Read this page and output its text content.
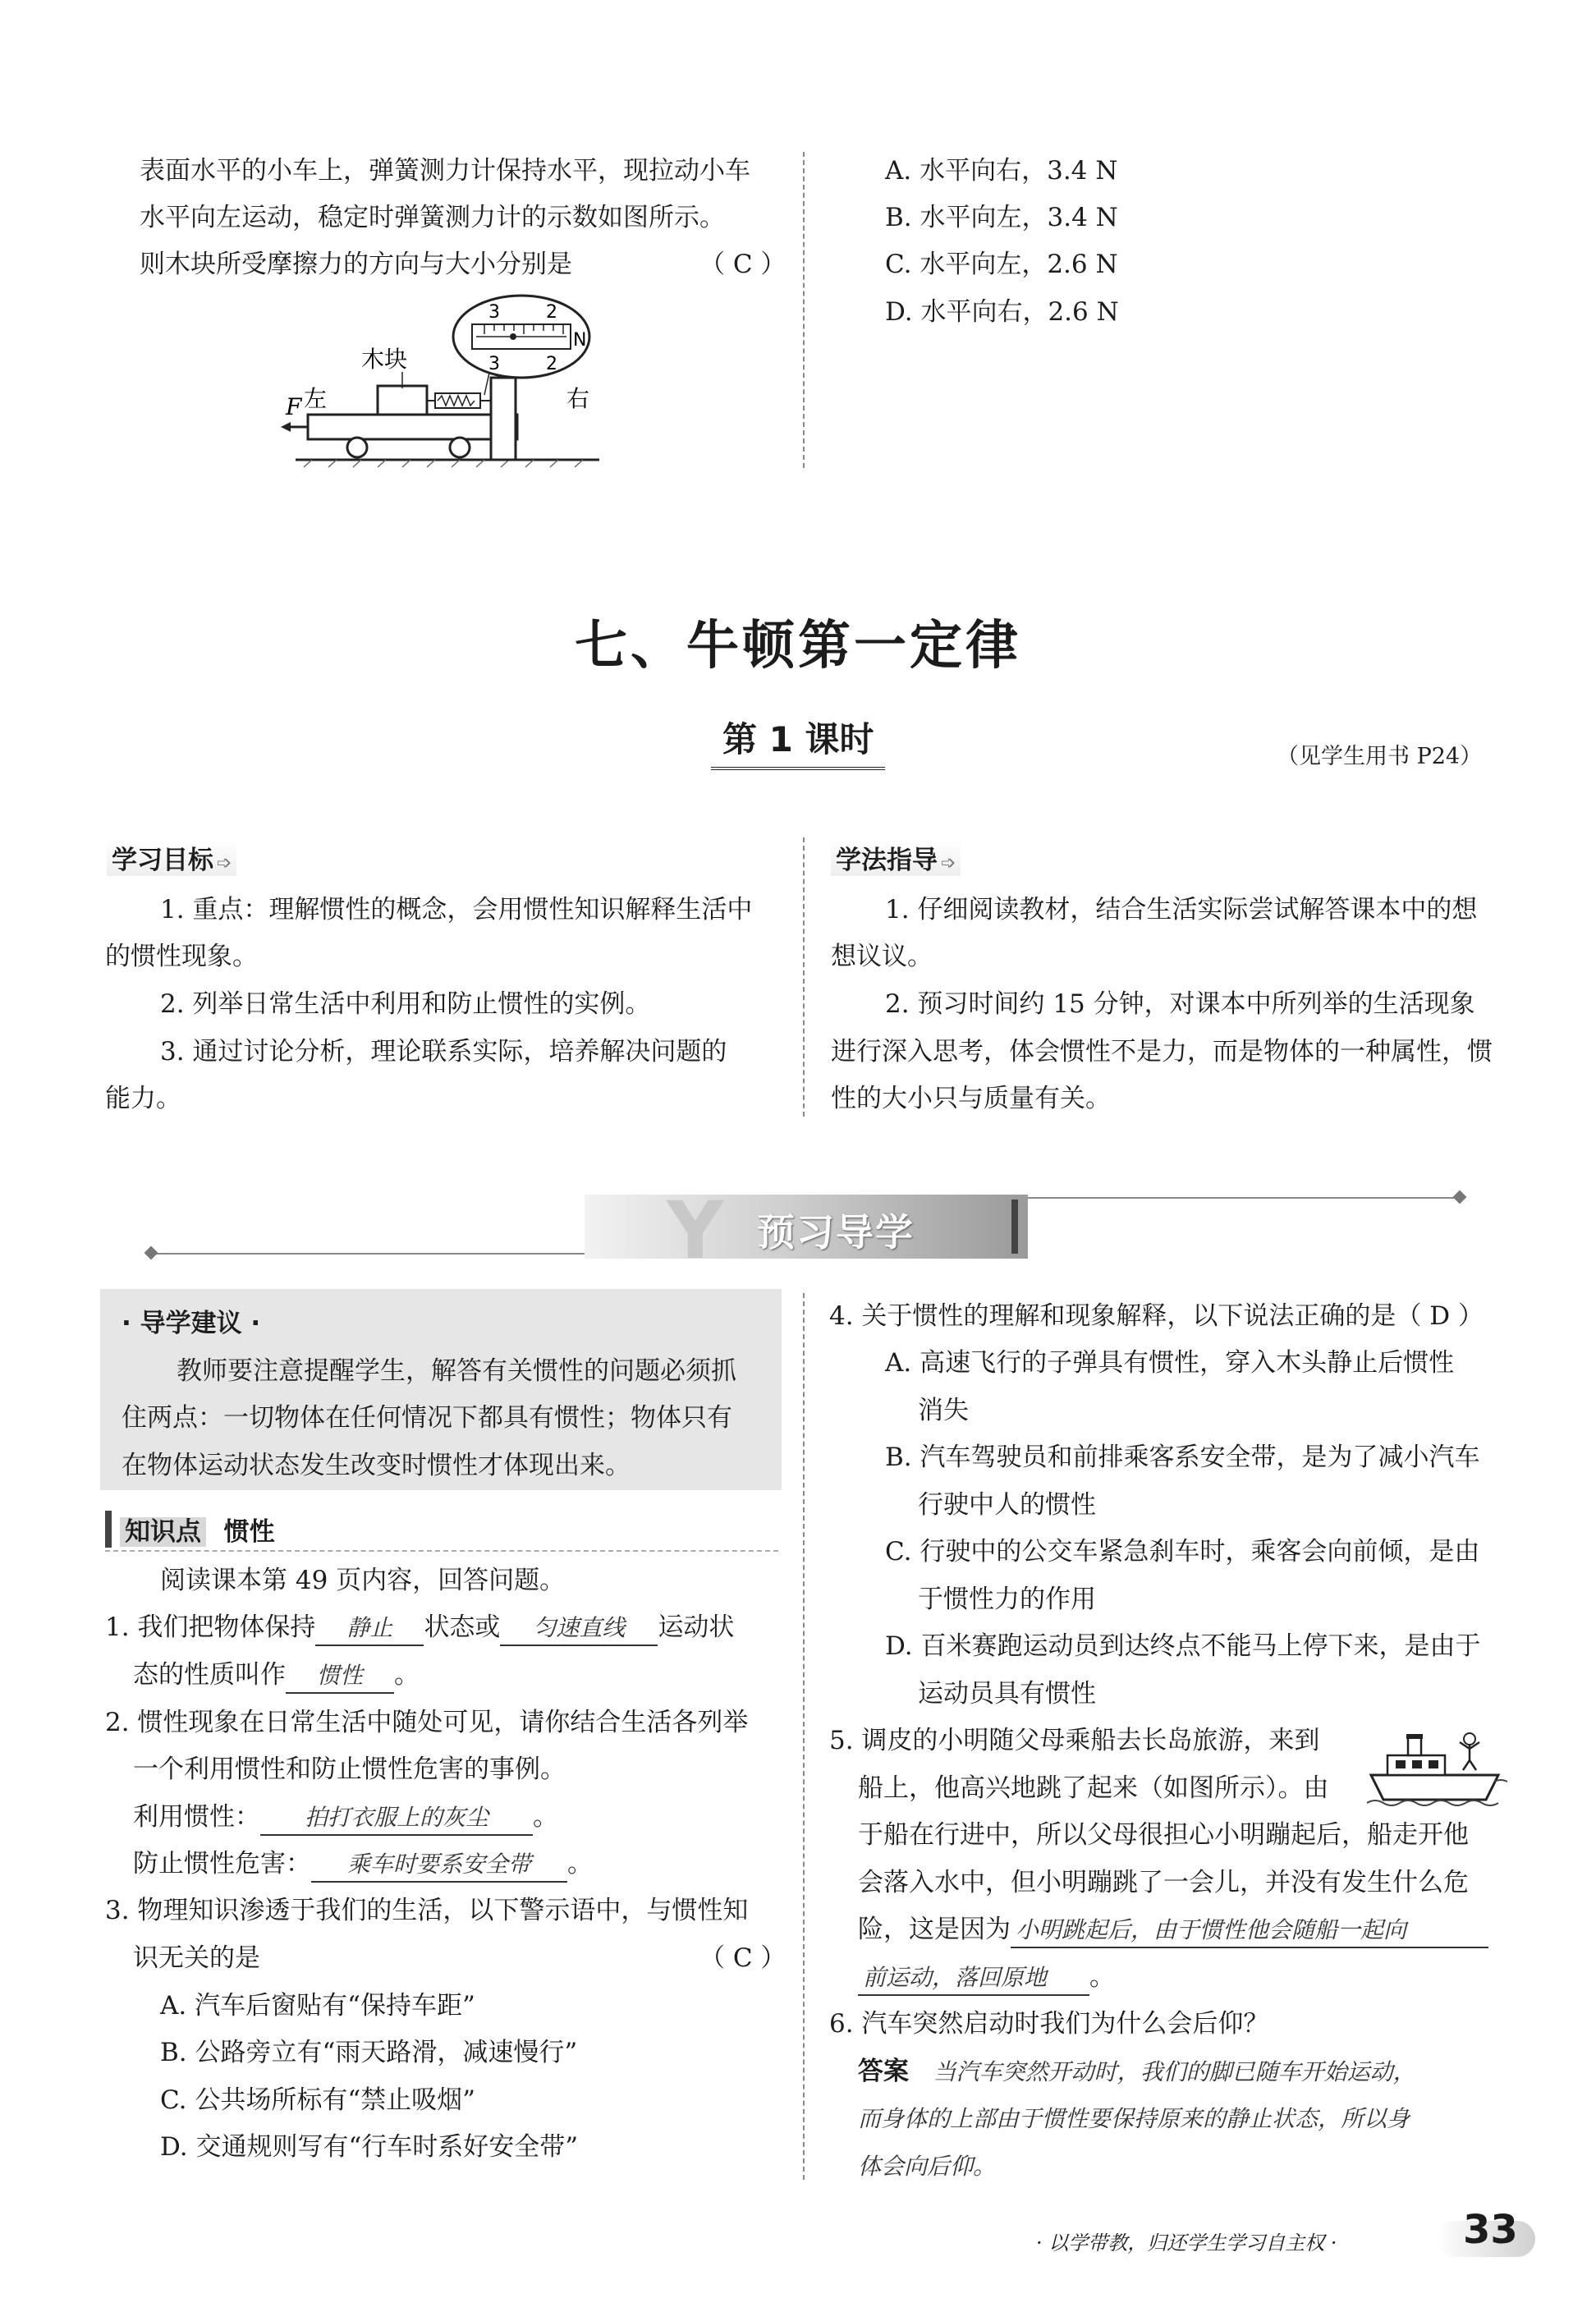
表面水平的小车上，弹簧测力计保持水平，现拉动小车
水平向左运动，稳定时弹簧测力计的示数如图所示。
则木块所受摩擦力的方向与大小分别是	（ C ）
F 左
木块
右
3	2
3	2
N
A. 水平向右，3.4 N
B. 水平向左，3.4 N
C. 水平向左，2.6 N
D. 水平向右，2.6 N
七、牛顿第一定律
第 1 课时	（见学生用书 P24）
学习目标 ➩
1. 重点：理解惯性的概念，会用惯性知识解释生活中
的惯性现象。
2. 列举日常生活中利用和防止惯性的实例。
3. 通过讨论分析，理论联系实际，培养解决问题的
能力。
学法指导 ➩
1. 仔细阅读教材，结合生活实际尝试解答课本中的想
想议议。
2. 预习时间约 15 分钟，对课本中所列举的生活现象
进行深入思考，体会惯性不是力，而是物体的一种属性，惯
性的大小只与质量有关。
Y 预习导学
· 导学建议 ·
教师要注意提醒学生，解答有关惯性的问题必须抓
住两点：一切物体在任何情况下都具有惯性；物体只有
在物体运动状态发生改变时惯性才体现出来。
知识点 惯性
阅读课本第 49 页内容，回答问题。
1. 我们把物体保持 静止 状态或 匀速直线 运动状
态的性质叫作 惯性 。
2. 惯性现象在日常生活中随处可见，请你结合生活各列举
一个利用惯性和防止惯性危害的事例。
利用惯性： 拍打衣服上的灰尘 。
防止惯性危害： 乘车时要系安全带 。
3. 物理知识渗透于我们的生活，以下警示语中，与惯性知
识无关的是	（ C ）
A. 汽车后窗贴有“保持车距”
B. 公路旁立有“雨天路滑，减速慢行”
C. 公共场所标有“禁止吸烟”
D. 交通规则写有“行车时系好安全带”
4. 关于惯性的理解和现象解释，以下说法正确的是（ D ）
A. 高速飞行的子弹具有惯性，穿入木头静止后惯性
消失
B. 汽车驾驶员和前排乘客系安全带，是为了减小汽车
行驶中人的惯性
C. 行驶中的公交车紧急刹车时，乘客会向前倾，是由
于惯性力的作用
D. 百米赛跑运动员到达终点不能马上停下来，是由于
运动员具有惯性
5. 调皮的小明随父母乘船去长岛旅游，来到
船上，他高兴地跳了起来（如图所示）。由
于船在行进中，所以父母很担心小明蹦起后，船走开他
会落入水中，但小明蹦跳了一会儿，并没有发生什么危
险，这是因为 小明跳起后，由于惯性他会随船一起向
前运动，落回原地 。
6. 汽车突然启动时我们为什么会后仰？
答案 当汽车突然开动时，我们的脚已随车开始运动，
而身体的上部由于惯性要保持原来的静止状态，所以身
体会向后仰。
· 以学带教，归还学生学习自主权 ·	33
